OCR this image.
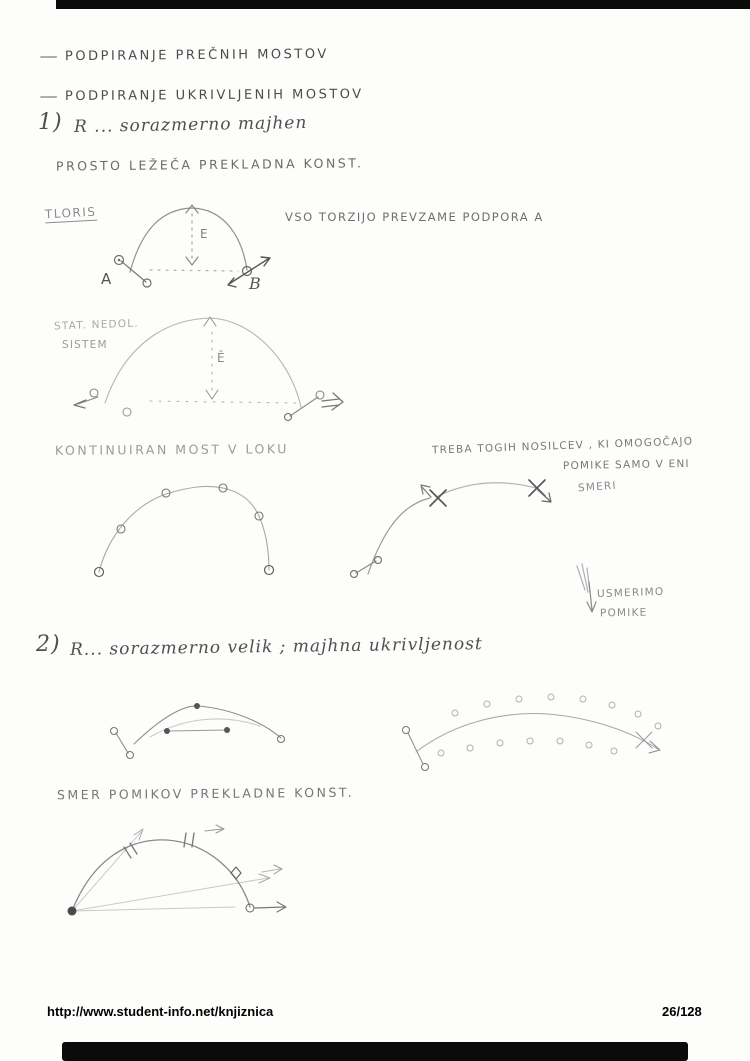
— PODPIRANJE PREČNIH MOSTOV
— PODPIRANJE UKRIVLJENIH MOSTOV
1) R ... sorazmerno majhen
PROSTO LEŽEČA PREKLADNA KONST.
TLORIS	VSO TORZIJO PREVZAME PODPORA A
A	B
E
STAT. NEDOL.
SISTEM
Ē
KONTINUIRAN MOST V LOKU	TREBA TOGIH NOSILCEV , KI OMOGOČAJO
POMIKE SAMO V ENI
SMERI
USMERIMO
POMIKE
2) R... sorazmerno velik ; majhna ukrivljenost
SMER POMIKOV PREKLADNE KONST.
http://www.student-info.net/knjiznica	26/128
